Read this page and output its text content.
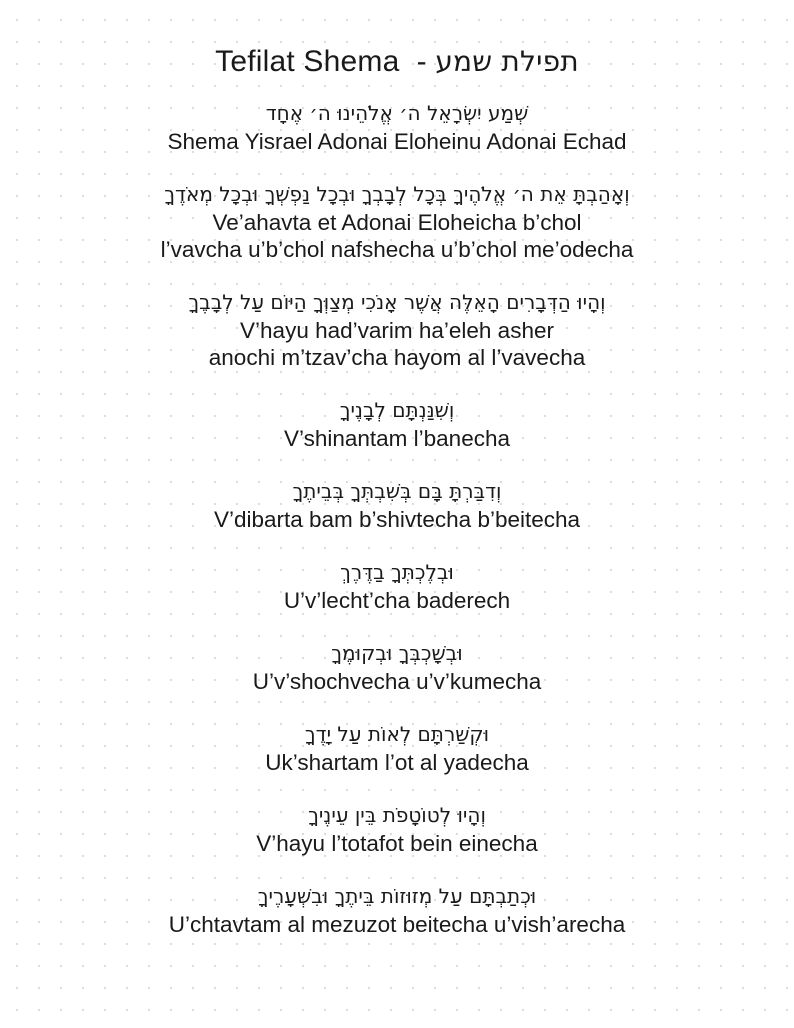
Tefilat Shema - תפילת שמע
שְׁמַע יִשְׂרָאֵל ה׳ אֱלֹהֵינוּ ה׳ אֶחָד
Shema Yisrael Adonai Eloheinu Adonai Echad
וְאָהַבְתָּ אֵת ה׳ אֱלֹהֶיךָ בְּכָל לְבָבְךָ וּבְכָל נַפְשְׁךָ וּבְכָל מְאֹדֶךָ
Ve’ahavta et Adonai Eloheicha b’chol
l’vavcha u’b’chol nafshecha u’b’chol me’odecha
וְהָיוּ הַדְּבָרִים הָאֵלֶּה אֲשֶׁר אָנֹכִי מְצַוְּךָ הַיּוֹם עַל לְבָבֶךָ
V’hayu had’varim ha’eleh asher
anochi m’tzav’cha hayom al l’vavecha
וְשִׁנַּנְתָּם לְבָנֶיךָ
V’shinantam l’banecha
וְדִבַּרְתָּ בָּם בְּשִׁבְתְּךָ בְּבֵיתֶךָ
V’dibarta bam b’shivtecha b’beitecha
וּבְלֶכְתְּךָ בַדֶּרֶךְ
U’v’lecht’cha baderech
וּבְשָׁכְבְּךָ וּבְקוּמֶךָ
U’v’shochvecha u’v’kumecha
וּקְשַׁרְתָּם לְאוֹת עַל יָדֶךָ
Uk’shartam l’ot al yadecha
וְהָיוּ לְטוֹטָפֹת בֵּין עֵינֶיךָ
V’hayu l’totafot bein einecha
וּכְתַבְתָּם עַל מְזוּזוֹת בֵּיתֶךָ וּבִשְׁעָרֶיךָ
U’chtavtam al mezuzot beitecha u’vish’arecha
